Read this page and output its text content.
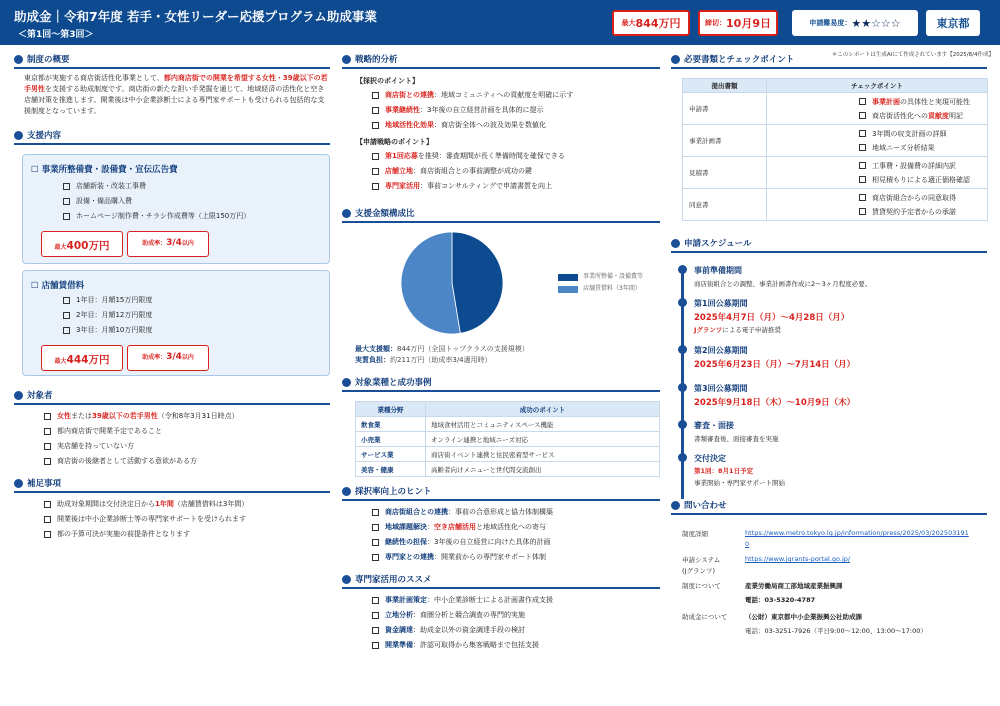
助成金｜令和7年度 若手・女性リーダー応援プログラム助成事業
＜第1回〜第3回＞
最大 844万円	締切： 10月9日	申請難易度： ★★☆☆☆	東京都
＊このレポートは生成AIにて作成されています【2025/8/4作成】
制度の概要
東京都が実施する商店街活性化事業として、都内商店街での開業を希望する女性・39歳以下の若手男性を支援する助成制度です。商店街の新たな担い手発掘を通じて、地域経済の活性化と空き店舗対策を推進します。開業後は中小企業診断士による専門家サポートも受けられる包括的な支援制度となっています。
支援内容
☐ 事業所整備費・設備費・宣伝広告費
店舗新装・改装工事費
設備・備品購入費
ホームページ制作費・チラシ作成費等（上限150万円）
最大 400万円	助成率： 3/4 以内
☐ 店舗賃借料
1年目：月額15万円限度
2年目：月額12万円限度
3年目：月額10万円限度
最大 444万円	助成率： 3/4 以内
対象者
女性または39歳以下の若手男性（令和8年3月31日時点）
都内商店街で開業予定であること
実店舗を持っていない方
商店街の後継者として活動する意欲がある方
補足事項
助成対象期間は交付決定日から1年間（店舗賃借料は3年間）
開業後は中小企業診断士等の専門家サポートを受けられます
都の予算可決が実施の前提条件となります
戦略的分析
【採択のポイント】
商店街との連携：地域コミュニティへの貢献度を明確に示す
事業継続性：3年後の自立経営計画を具体的に提示
地域活性化効果：商店街全体への波及効果を数値化
【申請戦略のポイント】
第1回応募を推奨：審査期間が長く準備時間を確保できる
店舗立地：商店街組合との事前調整が成功の鍵
専門家活用：事前コンサルティングで申請書質を向上
支援金額構成比
事業所整備・設備費等
店舗賃借料（3年間）
最大支援額：844万円（全国トップクラスの支援規模）
実質負担：約211万円（助成率3/4適用時）
対象業種と成功事例
業種分野	成功のポイント
飲食業	地域食材活用とコミュニティスペース機能
小売業	オンライン連携と地域ニーズ対応
サービス業	商店街イベント連携と住民密着型サービス
美容・健康	高齢者向けメニューと世代間交流創出
採択率向上のヒント
商店街組合との連携：事前の合意形成と協力体制構築
地域課題解決：空き店舗活用と地域活性化への寄与
継続性の担保：3年後の自立経営に向けた具体的計画
専門家との連携：開業前からの専門家サポート体制
専門家活用のススメ
事業計画策定：中小企業診断士による計画書作成支援
立地分析：商圏分析と競合調査の専門的実施
資金調達：助成金以外の資金調達手段の検討
開業準備：許認可取得から集客戦略まで包括支援
必要書類とチェックポイント
提出書類	チェックポイント
申請書	事業計画の具体性と実現可能性
商店街活性化への貢献度明記

事業計画書	3年間の収支計画の詳細
地域ニーズ分析結果

見積書	工事費・設備費の詳細内訳
相見積もりによる適正価格確認

同意書	商店街組合からの同意取得
賃貸契約予定者からの承諾
申請スケジュール
事前準備期間
商店街組合との調整、事業計画書作成に2〜3ヶ月程度必要。
第1回公募期間
2025年4月7日（月）〜4月28日（月）
Jグランツによる電子申請推奨
第2回公募期間
2025年6月23日（月）〜7月14日（月）
第3回公募期間
2025年9月18日（木）〜10月9日（木）
審査・面接
書類審査後、面接審査を実施
交付決定
第1回：8月1日予定
事業開始・専門家サポート開始
問い合わせ
制度詳細	https://www.metro.tokyo.lg.jp/information/press/2025/03/202503191
0
申請システム
(Jグランツ)
https://www.jgrants-portal.go.jp/
制度について	産業労働局商工部地域産業振興課
電話：03-5320-4787
助成金について	（公財）東京都中小企業振興公社助成課
電話：03-3251-7926（平日9:00〜12:00、13:00〜17:00）
